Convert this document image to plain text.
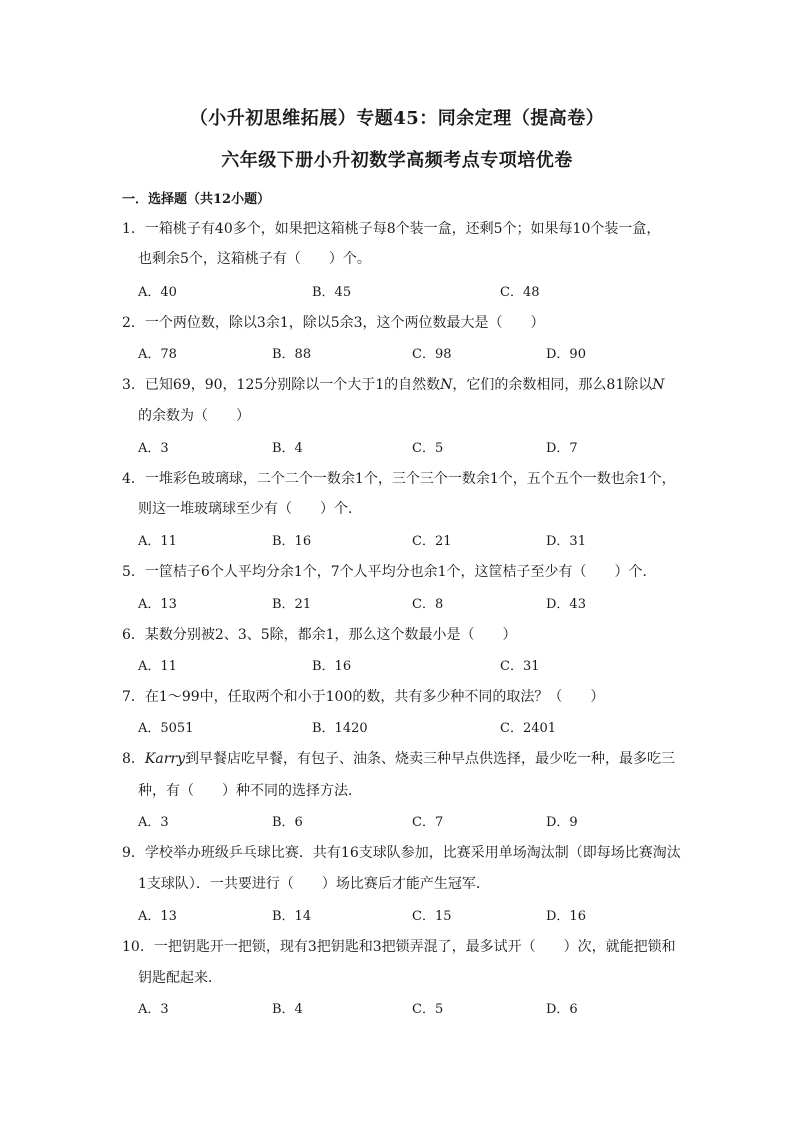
（小升初思维拓展）专题45：同余定理（提高卷）
六年级下册小升初数学高频考点专项培优卷
一．选择题（共12小题）
1．一箱桃子有40多个，如果把这箱桃子每8个装一盒，还剩5个；如果每10个装一盒，
也剩余5个，这箱桃子有（　　）个。
A．40	B．45	C．48
2．一个两位数，除以3余1，除以5余3，这个两位数最大是（　　）
A．78	B．88	C．98	D．90
3．已知69，90，125分别除以一个大于1的自然数N，它们的余数相同，那么81除以N
的余数为（　　）
A．3	B．4	C．5	D．7
4．一堆彩色玻璃球，二个二个一数余1个，三个三个一数余1个，五个五个一数也余1个，
则这一堆玻璃球至少有（　　）个．
A．11	B．16	C．21	D．31
5．一筐桔子6个人平均分余1个，7个人平均分也余1个，这筐桔子至少有（　　）个．
A．13	B．21	C．8	D．43
6．某数分别被2、3、5除，都余1，那么这个数最小是（　　）
A．11	B．16	C．31
7．在1～99中，任取两个和小于100的数，共有多少种不同的取法？（　　）
A．5051	B．1420	C．2401
8．Karry到早餐店吃早餐，有包子、油条、烧卖三种早点供选择，最少吃一种，最多吃三
种，有（　　）种不同的选择方法．
A．3	B．6	C．7	D．9
9．学校举办班级乒乓球比赛．共有16支球队参加，比赛采用单场淘汰制（即每场比赛淘汰
1支球队）．一共要进行（　　）场比赛后才能产生冠军．
A．13	B．14	C．15	D．16
10．一把钥匙开一把锁，现有3把钥匙和3把锁弄混了，最多试开（　　）次，就能把锁和
钥匙配起来．
A．3	B．4	C．5	D．6
